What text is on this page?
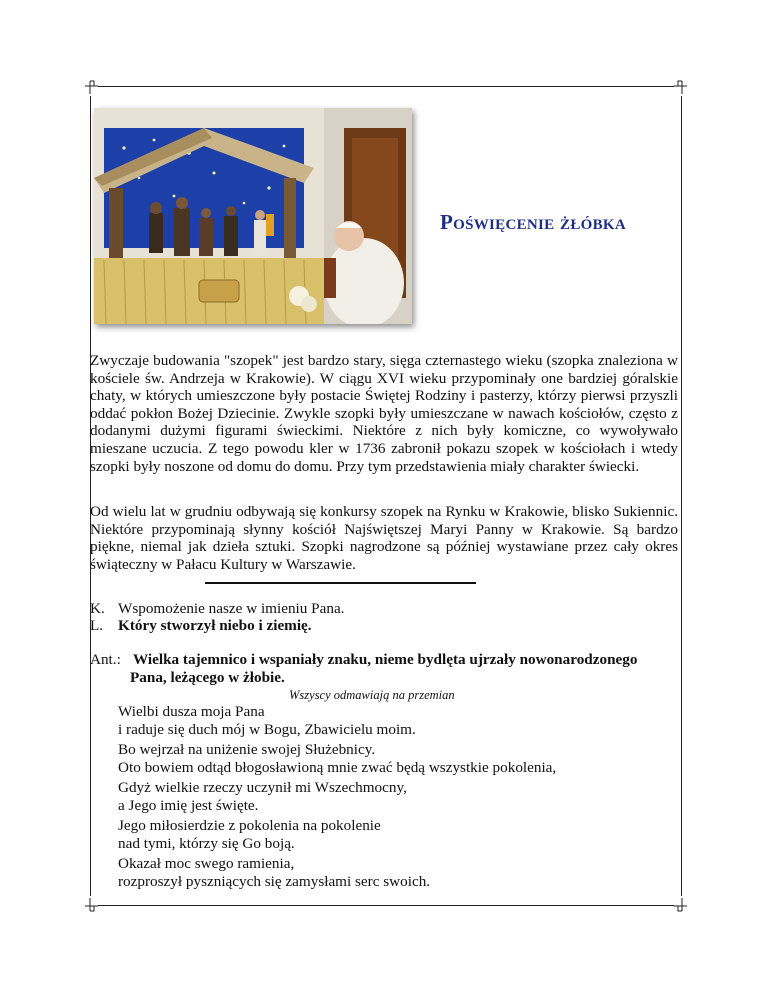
Poświęcenie żłóbka
Zwyczaje budowania "szopek" jest bardzo stary, sięga czternastego wieku (szopka znaleziona w kościele św. Andrzeja w Krakowie). W ciągu XVI wieku przypominały one bardziej góralskie chaty, w których umieszczone były postacie Świętej Rodziny i pasterzy, którzy pierwsi przyszli oddać pokłon Bożej Dziecinie. Zwykle szopki były umieszczane w nawach kościołów, często z dodanymi dużymi figurami świeckimi. Niektóre z nich były komiczne, co wywoływało mieszane uczucia. Z tego powodu kler w 1736 zabronił pokazu szopek w kościołach i wtedy szopki były noszone od domu do domu. Przy tym przedstawienia miały charakter świecki.
Od wielu lat w grudniu odbywają się konkursy szopek na Rynku w Krakowie, blisko Sukiennic. Niektóre przypominają słynny kościół Najświętszej Maryi Panny w Krakowie. Są bardzo piękne, niemal jak dzieła sztuki. Szopki nagrodzone są później wystawiane przez cały okres świąteczny w Pałacu Kultury w Warszawie.
K. Wspomożenie nasze w imieniu Pana.
L. Który stworzył niebo i ziemię.
Ant.: Wielka tajemnico i wspaniały znaku, nieme bydlęta ujrzały nowonarodzonego
Pana, leżącego w żłobie.
Wszyscy odmawiają na przemian
Wielbi dusza moja Pana
i raduje się duch mój w Bogu, Zbawicielu moim.
Bo wejrzał na uniżenie swojej Służebnicy.
Oto bowiem odtąd błogosławioną mnie zwać będą wszystkie pokolenia,
Gdyż wielkie rzeczy uczynił mi Wszechmocny,
a Jego imię jest święte.
Jego miłosierdzie z pokolenia na pokolenie
nad tymi, którzy się Go boją.
Okazał moc swego ramienia,
rozproszył pyszniących się zamysłami serc swoich.
